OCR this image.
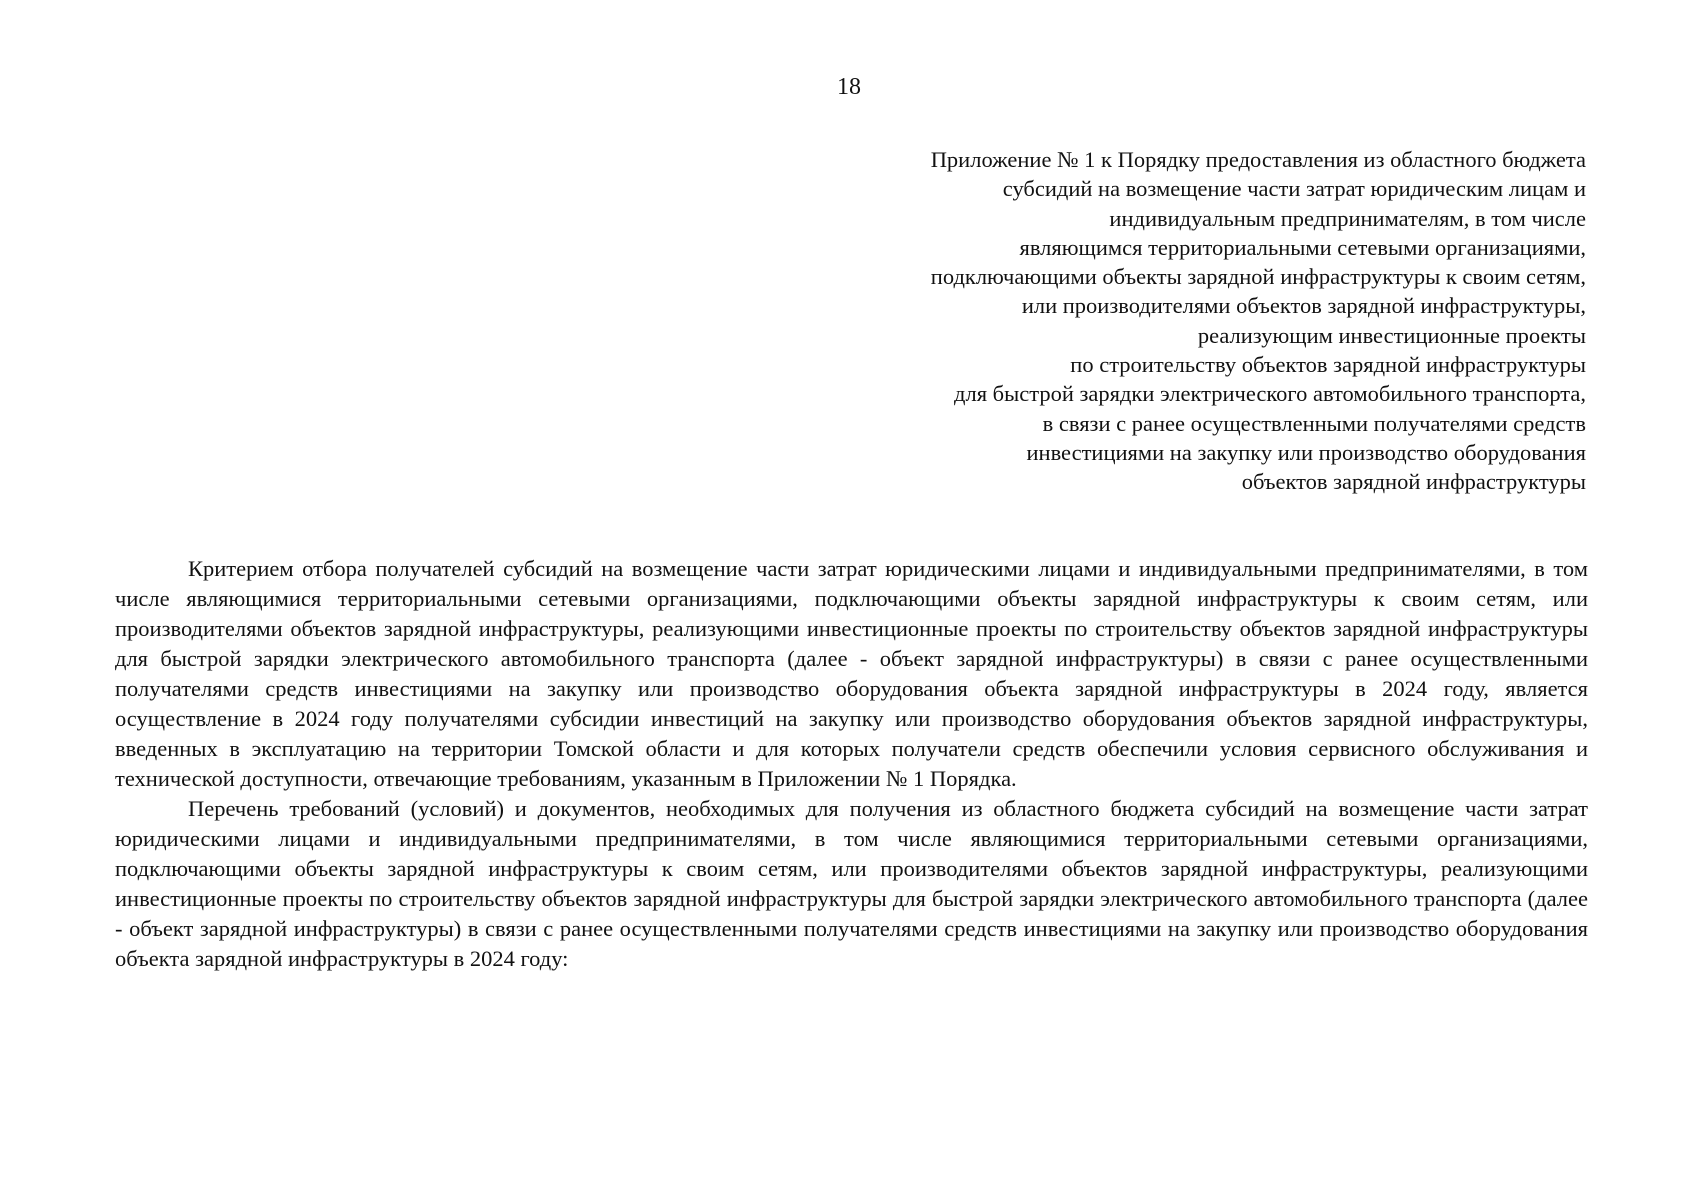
18
Приложение № 1 к Порядку предоставления из областного бюджета
субсидий на возмещение части затрат юридическим лицам и
индивидуальным предпринимателям, в том числе
являющимся территориальными сетевыми организациями,
подключающими объекты зарядной инфраструктуры к своим сетям,
или производителями объектов зарядной инфраструктуры,
реализующим инвестиционные проекты
по строительству объектов зарядной инфраструктуры
для быстрой зарядки электрического автомобильного транспорта,
в связи с ранее осуществленными получателями средств
инвестициями на закупку или производство оборудования
объектов зарядной инфраструктуры

Критерием отбора получателей субсидий на возмещение части затрат юридическими лицами и индивидуальными предпринимателями, в том числе являющимися территориальными сетевыми организациями, подключающими объекты зарядной инфраструктуры к своим сетям, или производителями объектов зарядной инфраструктуры, реализующими инвестиционные проекты по строительству объектов зарядной инфраструктуры для быстрой зарядки электрического автомобильного транспорта (далее - объект зарядной инфраструктуры) в связи с ранее осуществленными получателями средств инвестициями на закупку или производство оборудования объекта зарядной инфраструктуры в 2024 году, является осуществление в 2024 году получателями субсидии инвестиций на закупку или производство оборудования объектов зарядной инфраструктуры, введенных в эксплуатацию на территории Томской области и для которых получатели средств обеспечили условия сервисного обслуживания и технической доступности, отвечающие требованиям, указанным в Приложении № 1 Порядка.

Перечень требований (условий) и документов, необходимых для получения из областного бюджета субсидий на возмещение части затрат юридическими лицами и индивидуальными предпринимателями, в том числе являющимися территориальными сетевыми организациями, подключающими объекты зарядной инфраструктуры к своим сетям, или производителями объектов зарядной инфраструктуры, реализующими инвестиционные проекты по строительству объектов зарядной инфраструктуры для быстрой зарядки электрического автомобильного транспорта (далее - объект зарядной инфраструктуры) в связи с ранее осуществленными получателями средств инвестициями на закупку или производство оборудования объекта зарядной инфраструктуры в 2024 году:
